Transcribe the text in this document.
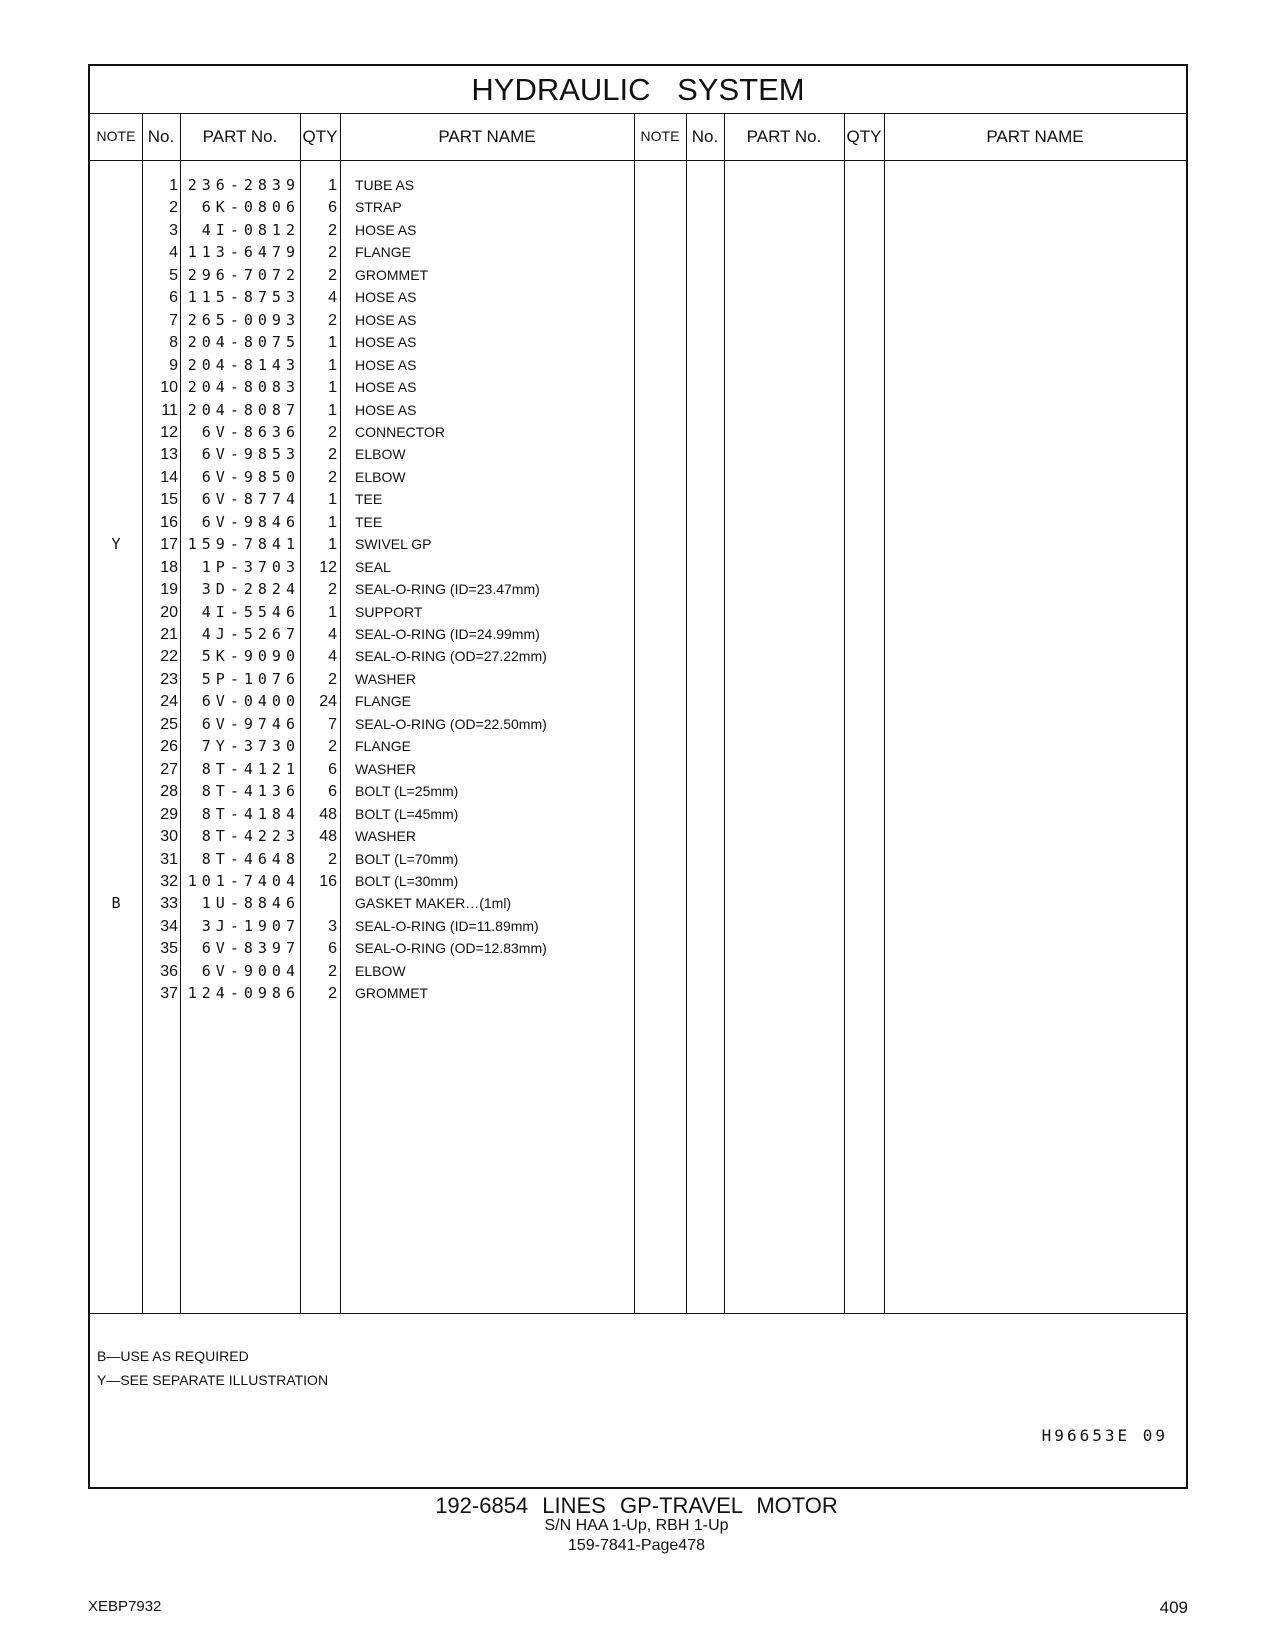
HYDRAULIC SYSTEM
NOTE No.	PART No.	QTY	PART NAME	NOTE No.	PART No.	QTY	PART NAME
1 236-2839	1 TUBE AS
2	6K-0806	6 STRAP
3	4I-0812	2 HOSE AS
4 113-6479	2 FLANGE
5 296-7072	2 GROMMET
6 115-8753	4 HOSE AS
7 265-0093	2 HOSE AS
8 204-8075	1 HOSE AS
9 204-8143	1 HOSE AS
10 204-8083	1 HOSE AS
11 204-8087	1 HOSE AS
12	6V-8636	2 CONNECTOR
13	6V-9853	2 ELBOW
14	6V-9850	2 ELBOW
15	6V-8774	1 TEE
16	6V-9846	1 TEE
Y	17 159-7841	1 SWIVEL GP
18	1P-3703	12 SEAL
19	3D-2824	2 SEAL-O-RING (ID=23.47mm)
20	4I-5546	1 SUPPORT
21	4J-5267	4 SEAL-O-RING (ID=24.99mm)
22	5K-9090	4 SEAL-O-RING (OD=27.22mm)
23	5P-1076	2 WASHER
24	6V-0400	24 FLANGE
25	6V-9746	7 SEAL-O-RING (OD=22.50mm)
26	7Y-3730	2 FLANGE
27	8T-4121	6 WASHER
28	8T-4136	6 BOLT (L=25mm)
29	8T-4184	48 BOLT (L=45mm)
30	8T-4223	48 WASHER
31	8T-4648	2 BOLT (L=70mm)
32 101-7404	16 BOLT (L=30mm)
B	33	1U-8846	GASKET MAKER…(1ml)
34	3J-1907	3 SEAL-O-RING (ID=11.89mm)
35	6V-8397	6 SEAL-O-RING (OD=12.83mm)
36	6V-9004	2 ELBOW
37 124-0986	2 GROMMET
B—USE AS REQUIRED
Y—SEE SEPARATE ILLUSTRATION
H96653E 09
192-6854 LINES GP-TRAVEL MOTOR
S/N HAA 1-Up, RBH 1-Up
159-7841-Page478
XEBP7932	409
